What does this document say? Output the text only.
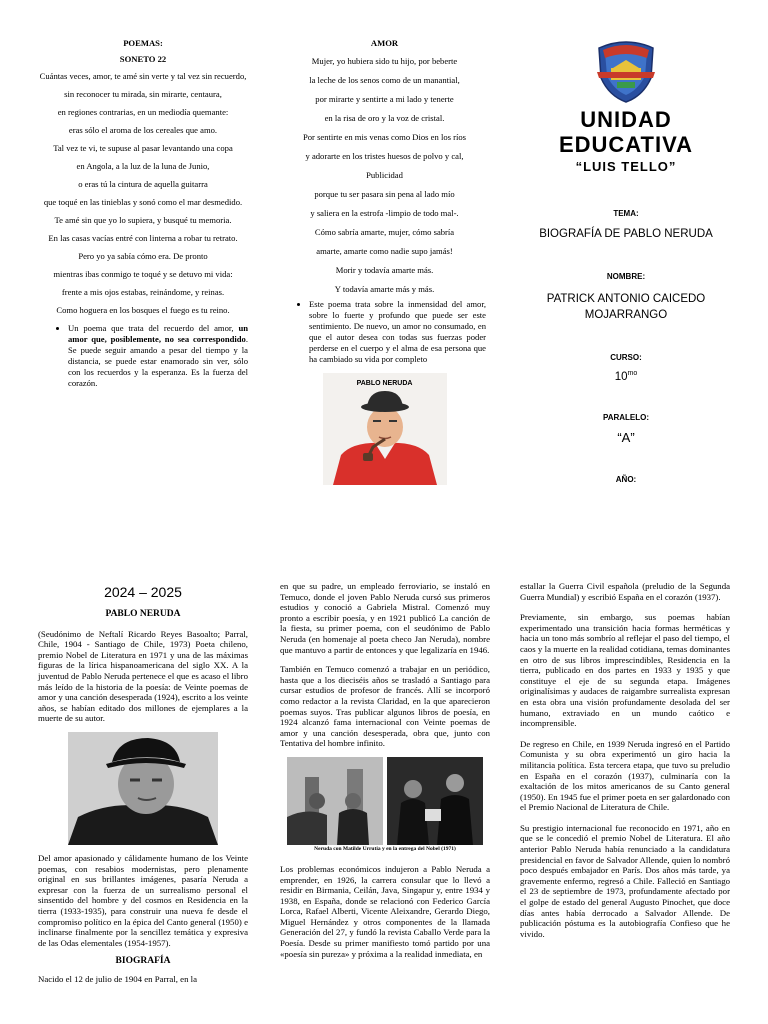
POEMAS:

SONETO 22

Cuántas veces, amor, te amé sin verte y tal vez sin recuerdo,

sin reconocer tu mirada, sin mirarte, centaura,

en regiones contrarias, en un mediodía quemante:

eras sólo el aroma de los cereales que amo.

Tal vez te vi, te supuse al pasar levantando una copa

en Angola, a la luz de la luna de Junio,

o eras tú la cintura de aquella guitarra

que toqué en las tinieblas y sonó como el mar desmedido.

Te amé sin que yo lo supiera, y busqué tu memoria.

En las casas vacías entré con linterna a robar tu retrato.

Pero yo ya sabía cómo era. De pronto

mientras ibas conmigo te toqué y se detuvo mi vida:

frente a mis ojos estabas, reinándome, y reinas.

Como hoguera en los bosques el fuego es tu reino.

• Un poema que trata del recuerdo del amor, un amor que, posiblemente, no sea correspondido. Se puede seguir amando a pesar del tiempo y la distancia, se puede estar enamorado sin ver, sólo con los recuerdos y la esperanza. Es la fuerza del corazón.

AMOR

Mujer, yo hubiera sido tu hijo, por beberte

la leche de los senos como de un manantial,

por mirarte y sentirte a mi lado y tenerte

en la risa de oro y la voz de cristal.

Por sentirte en mis venas como Dios en los ríos

y adorarte en los tristes huesos de polvo y cal,

Publicidad

porque tu ser pasara sin pena al lado mío

y saliera en la estrofa -limpio de todo mal-.

Cómo sabría amarte, mujer, cómo sabría

amarte, amarte como nadie supo jamás!

Morir y todavía amarte más.

Y todavía amarte más y más.

• Este poema trata sobre la inmensidad del amor, sobre lo fuerte y profundo que puede ser este sentimiento. De nuevo, un amor no consumado, en que el autor desea con todas sus fuerzas poder perderse en el cuerpo y el alma de esa persona que ha cambiado su vida por completo

PABLO NERUDA

UNIDAD

EDUCATIVA

“LUIS TELLO”

TEMA:

BIOGRAFÍA DE PABLO NERUDA

NOMBRE:

PATRICK ANTONIO CAICEDO MOJARRANGO

CURSO:

$10^{mo}$

PARALELO:

“A”

AÑO:

2024 – 2025

PABLO NERUDA

(Seudónimo de Neftalí Ricardo Reyes Basoalto; Parral, Chile, 1904 - Santiago de Chile, 1973) Poeta chileno, premio Nobel de Literatura en 1971 y una de las máximas figuras de la lírica hispanoamericana del siglo XX. A la juventud de Pablo Neruda pertenece el que es acaso el libro más leído de la historia de la poesía: de Veinte poemas de amor y una canción desesperada (1924), escrito a los veinte años, se habían editado dos millones de ejemplares a la muerte de su autor.

Del amor apasionado y cálidamente humano de los Veinte poemas, con resabios modernistas, pero plenamente original en sus brillantes imágenes, pasaría Neruda a expresar con la fuerza de un surrealismo personal el sinsentido del hombre y del cosmos en Residencia en la tierra (1933-1935), para construir una nueva fe desde el compromiso político en la épica del Canto general (1950) e inclinarse finalmente por la sencillez temática y expresiva de las Odas elementales (1954-1957).

BIOGRAFÍA

Nacido el 12 de julio de 1904 en Parral, en la

en que su padre, un empleado ferroviario, se instaló en Temuco, donde el joven Pablo Neruda cursó sus primeros estudios y conoció a Gabriela Mistral. Comenzó muy pronto a escribir poesía, y en 1921 publicó La canción de la fiesta, su primer poema, con el seudónimo de Pablo Neruda (en homenaje al poeta checo Jan Neruda), nombre que mantuvo a partir de entonces y que legalizaría en 1946.

También en Temuco comenzó a trabajar en un periódico, hasta que a los dieciséis años se trasladó a Santiago para cursar estudios de profesor de francés. Allí se incorporó como redactor a la revista Claridad, en la que aparecieron poemas suyos. Tras publicar algunos libros de poesía, en 1924 alcanzó fama internacional con Veinte poemas de amor y una canción desesperada, obra que, junto con Tentativa del hombre infinito.

Neruda con Matilde Urrutia y en la entrega del Nobel (1971)

Los problemas económicos indujeron a Pablo Neruda a emprender, en 1926, la carrera consular que lo llevó a residir en Birmania, Ceilán, Java, Singapur y, entre 1934 y 1938, en España, donde se relacionó con Federico García Lorca, Rafael Alberti, Vicente Aleixandre, Gerardo Diego, Miguel Hernández y otros componentes de la llamada Generación del 27, y fundó la revista Caballo Verde para la Poesía. Desde su primer manifiesto tomó partido por una «poesía sin pureza» y próxima a la realidad inmediata, en

estallar la Guerra Civil española (preludio de la Segunda Guerra Mundial) y escribió España en el corazón (1937).

Previamente, sin embargo, sus poemas habían experimentado una transición hacia formas herméticas y hacia un tono más sombrío al reflejar el paso del tiempo, el caos y la muerte en la realidad cotidiana, temas dominantes en otro de sus libros imprescindibles, Residencia en la tierra, publicado en dos partes en 1933 y 1935 y que constituye el eje de su segunda etapa. Imágenes originalísimas y audaces de raigambre surrealista expresan en esta obra una visión profundamente desolada del ser humano, extraviado en un mundo caótico e incomprensible.

De regreso en Chile, en 1939 Neruda ingresó en el Partido Comunista y su obra experimentó un giro hacia la militancia política. Esta tercera etapa, que tuvo su preludio en España en el corazón (1937), culminaría con la exaltación de los mitos americanos de su Canto general (1950). En 1945 fue el primer poeta en ser galardonado con el Premio Nacional de Literatura de Chile.

Su prestigio internacional fue reconocido en 1971, año en que se le concedió el premio Nobel de Literatura. El año anterior Pablo Neruda había renunciado a la candidatura presidencial en favor de Salvador Allende, quien lo nombró poco después embajador en París. Dos años más tarde, ya gravemente enfermo, regresó a Chile. Falleció en Santiago el 23 de septiembre de 1973, profundamente afectado por el golpe de estado del general Augusto Pinochet, que doce días antes había derrocado a Salvador Allende. De publicación póstuma es la autobiografía Confieso que he vivido.
